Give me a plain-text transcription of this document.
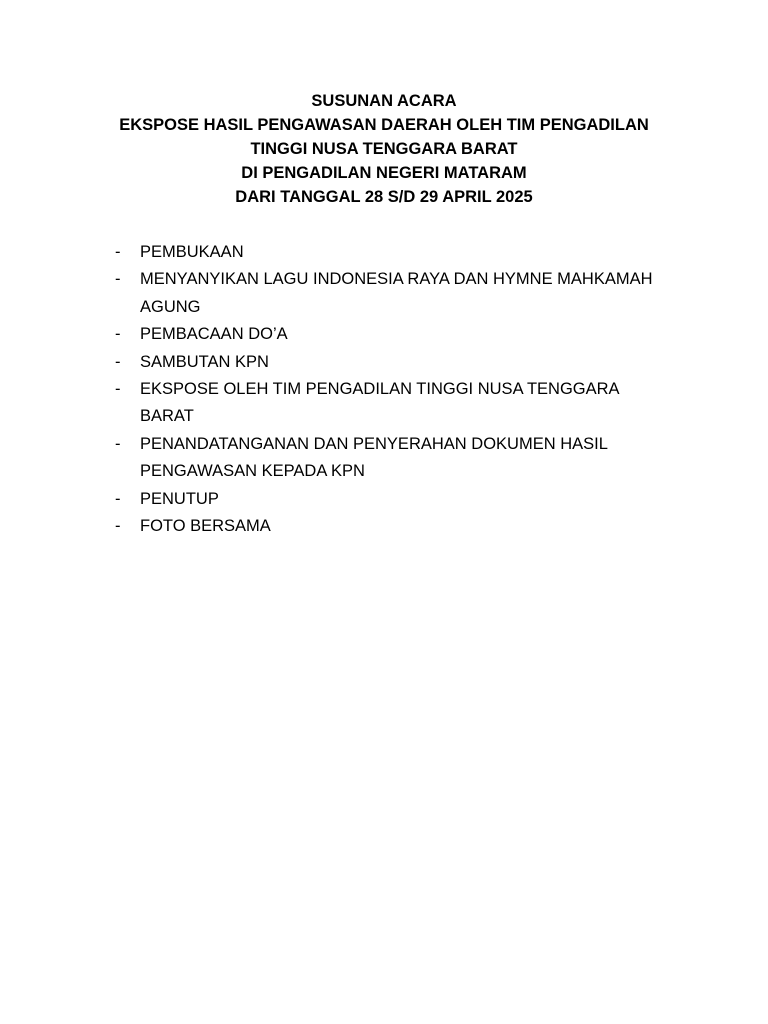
SUSUNAN ACARA
EKSPOSE HASIL PENGAWASAN DAERAH OLEH TIM PENGADILAN
TINGGI NUSA TENGGARA BARAT
DI PENGADILAN NEGERI MATARAM
DARI TANGGAL 28 S/D 29 APRIL 2025
- PEMBUKAAN
- MENYANYIKAN LAGU INDONESIA RAYA DAN HYMNE MAHKAMAH AGUNG
- PEMBACAAN DO’A
- SAMBUTAN KPN
- EKSPOSE OLEH TIM PENGADILAN TINGGI NUSA TENGGARA BARAT
- PENANDATANGANAN DAN PENYERAHAN DOKUMEN HASIL PENGAWASAN KEPADA KPN
- PENUTUP
- FOTO BERSAMA
